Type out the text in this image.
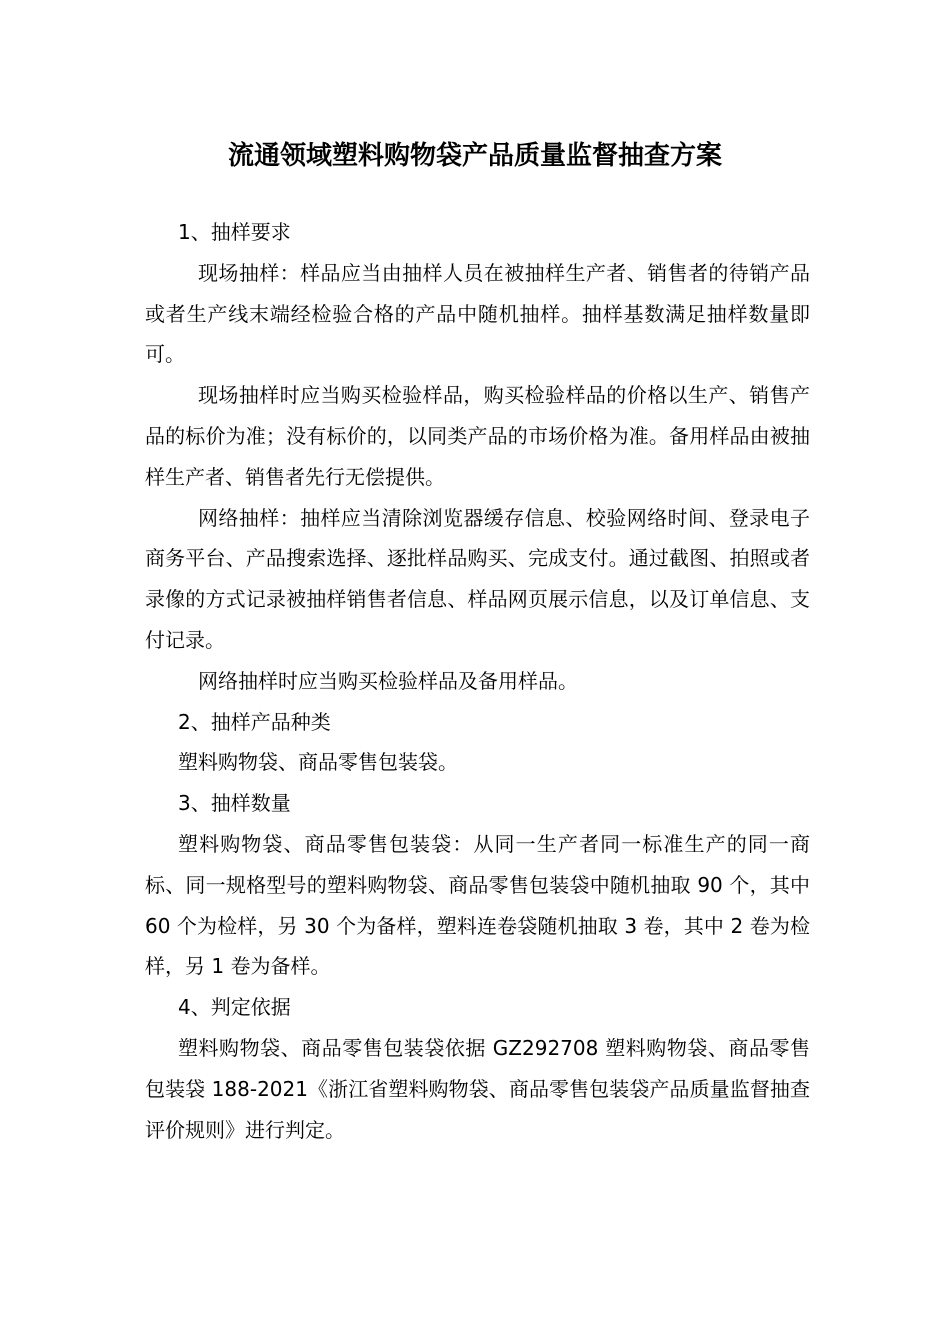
流通领域塑料购物袋产品质量监督抽查方案

1、抽样要求

现场抽样：样品应当由抽样人员在被抽样生产者、销售者的待销产品或者生产线末端经检验合格的产品中随机抽样。抽样基数满足抽样数量即可。

现场抽样时应当购买检验样品，购买检验样品的价格以生产、销售产品的标价为准；没有标价的，以同类产品的市场价格为准。备用样品由被抽样生产者、销售者先行无偿提供。

网络抽样：抽样应当清除浏览器缓存信息、校验网络时间、登录电子商务平台、产品搜索选择、逐批样品购买、完成支付。通过截图、拍照或者录像的方式记录被抽样销售者信息、样品网页展示信息，以及订单信息、支付记录。

网络抽样时应当购买检验样品及备用样品。

2、抽样产品种类

塑料购物袋、商品零售包装袋。

3、抽样数量

塑料购物袋、商品零售包装袋：从同一生产者同一标准生产的同一商标、同一规格型号的塑料购物袋、商品零售包装袋中随机抽取 90 个，其中 60 个为检样，另 30 个为备样，塑料连卷袋随机抽取 3 卷，其中 2 卷为检样，另 1 卷为备样。

4、判定依据

塑料购物袋、商品零售包装袋依据 GZ292708 塑料购物袋、商品零售包装袋 188-2021《浙江省塑料购物袋、商品零售包装袋产品质量监督抽查评价规则》进行判定。
